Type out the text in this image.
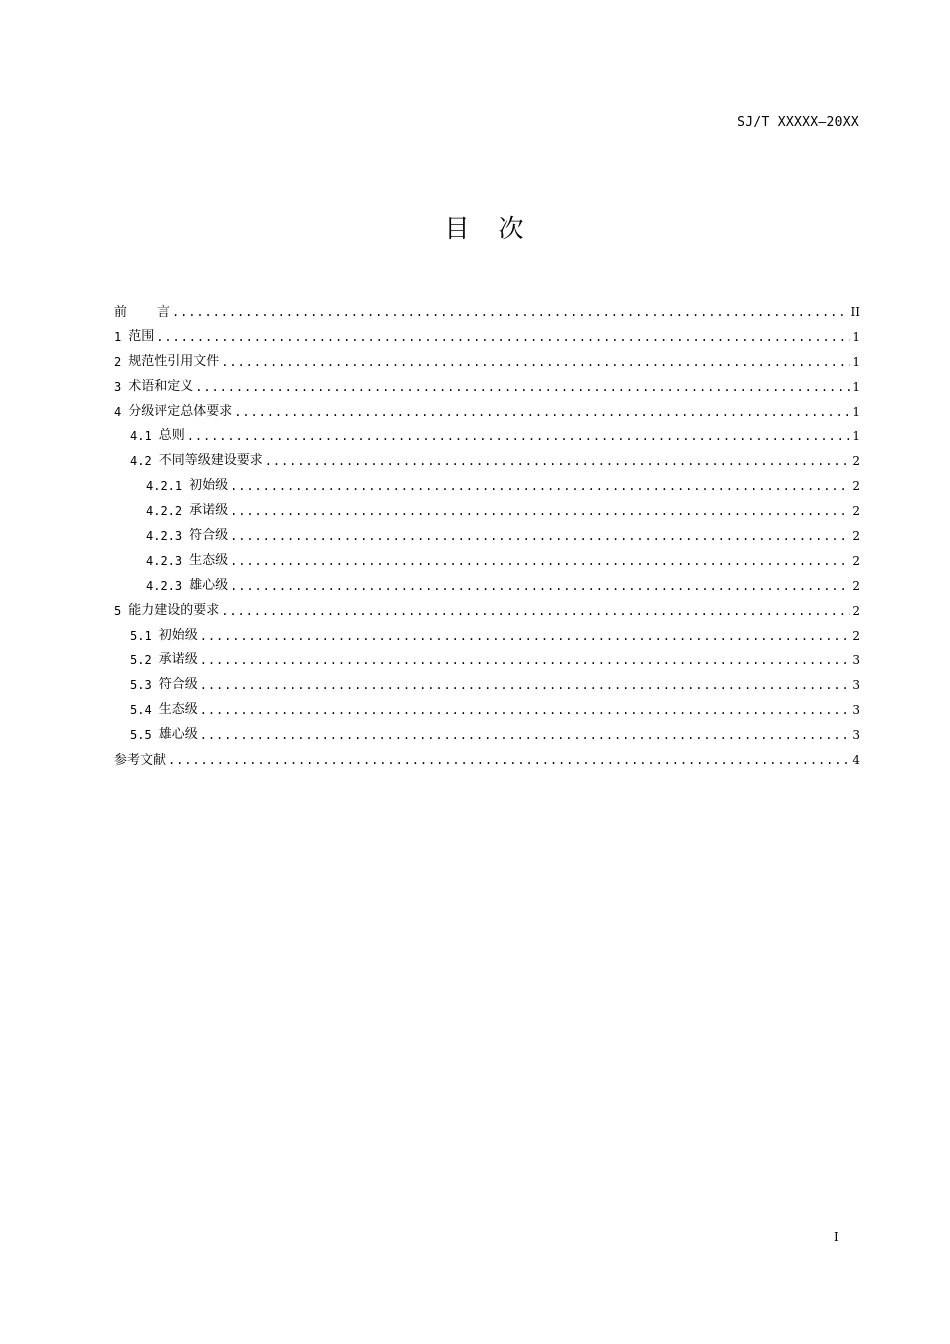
SJ/T XXXXX—20XX
目　次
前 言 .....	II
1 范围 .....	1
2 规范性引用文件 .....	1
3 术语和定义 .....	1
4 分级评定总体要求 .....	1
4.1 总则 .....	1
4.2 不同等级建设要求 .....	2
4.2.1 初始级 .....	2
4.2.2 承诺级 .....	2
4.2.3 符合级 .....	2
4.2.3 生态级 .....	2
4.2.3 雄心级 .....	2
5 能力建设的要求 .....	2
5.1 初始级 .....	2
5.2 承诺级 .....	3
5.3 符合级 .....	3
5.4 生态级 .....	3
5.5 雄心级 .....	3
参考文献 .....	4
I
